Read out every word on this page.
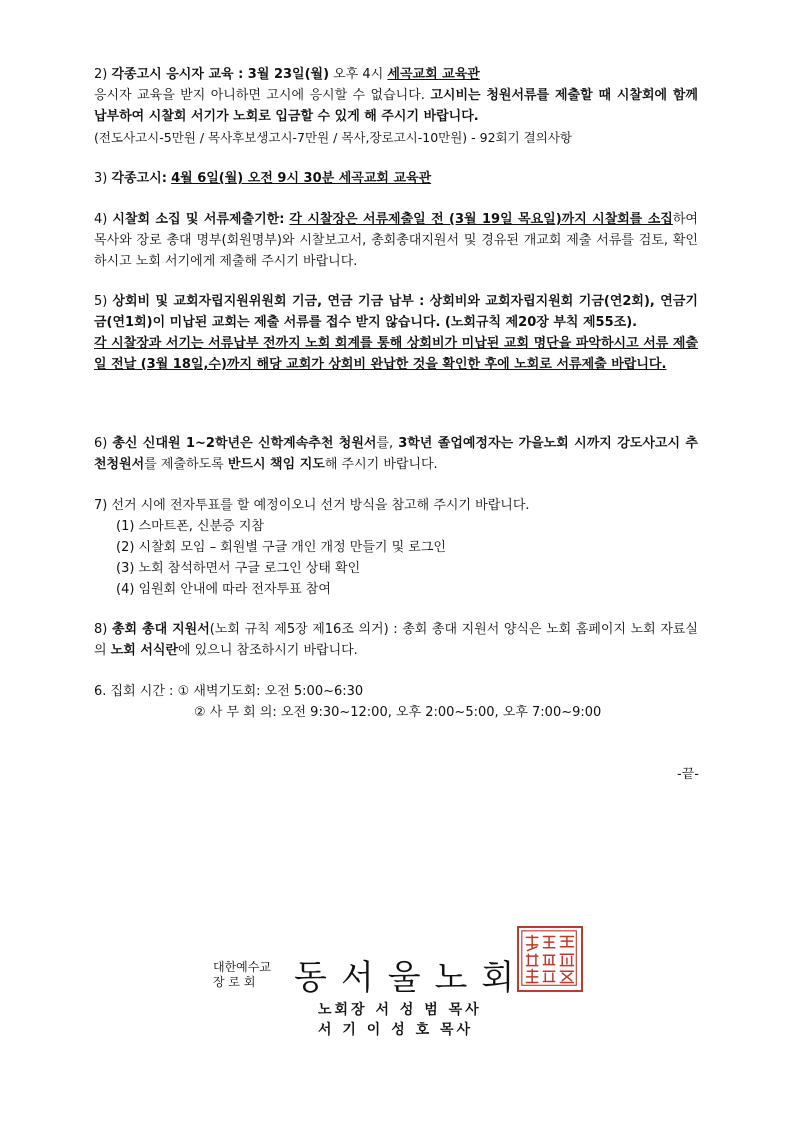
2) 각종고시 응시자 교육 : 3월 23일(월) 오후 4시 세곡교회 교육관
응시자 교육을 받지 아니하면 고시에 응시할 수 없습니다. 고시비는 청원서류를 제출할 때 시찰회에 함께 납부하여 시찰회 서기가 노회로 입금할 수 있게 해 주시기 바랍니다.
(전도사고시-5만원 / 목사후보생고시-7만원 / 목사,장로고시-10만원) - 92회기 결의사항
3) 각종고시: 4월 6일(월) 오전 9시 30분 세곡교회 교육관
4) 시찰회 소집 및 서류제출기한: 각 시찰장은 서류제출일 전 (3월 19일 목요일)까지 시찰회를 소집하여 목사와 장로 총대 명부(회원명부)와 시찰보고서, 총회총대지원서 및 경유된 개교회 제출 서류를 검토, 확인하시고 노회 서기에게 제출해 주시기 바랍니다.
5) 상회비 및 교회자립지원위원회 기금, 연금 기금 납부 : 상회비와 교회자립지원회 기금(연2회), 연금기금(연1회)이 미납된 교회는 제출 서류를 접수 받지 않습니다. (노회규칙 제20장 부칙 제55조).
각 시찰장과 서기는 서류납부 전까지 노회 회계를 통해 상회비가 미납된 교회 명단을 파악하시고 서류 제출일 전날 (3월 18일,수)까지 해당 교회가 상회비 완납한 것을 확인한 후에 노회로 서류제출 바랍니다.
6) 총신 신대원 1~2학년은 신학계속추천 청원서를, 3학년 졸업예정자는 가을노회 시까지 강도사고시 추천청원서를 제출하도록 반드시 책임 지도해 주시기 바랍니다.
7) 선거 시에 전자투표를 할 예정이오니 선거 방식을 참고해 주시기 바랍니다.
(1) 스마트폰, 신분증 지참
(2) 시찰회 모임 – 회원별 구글 개인 개정 만들기 및 로그인
(3) 노회 참석하면서 구글 로그인 상태 확인
(4) 임원회 안내에 따라 전자투표 참여
8) 총회 총대 지원서(노회 규칙 제5장 제16조 의거) : 총회 총대 지원서 양식은 노회 홈페이지 노회 자료실의 노회 서식란에 있으니 참조하시기 바랍니다.
6. 집회 시간 : ① 새벽기도회: 오전 5:00~6:30
② 사 무 회 의: 오전 9:30~12:00, 오후 2:00~5:00, 오후 7:00~9:00
-끝-
대한예수교
장 로 회	동서울노회
노회장 서 성 범 목사
서 기 이 성 호 목사
